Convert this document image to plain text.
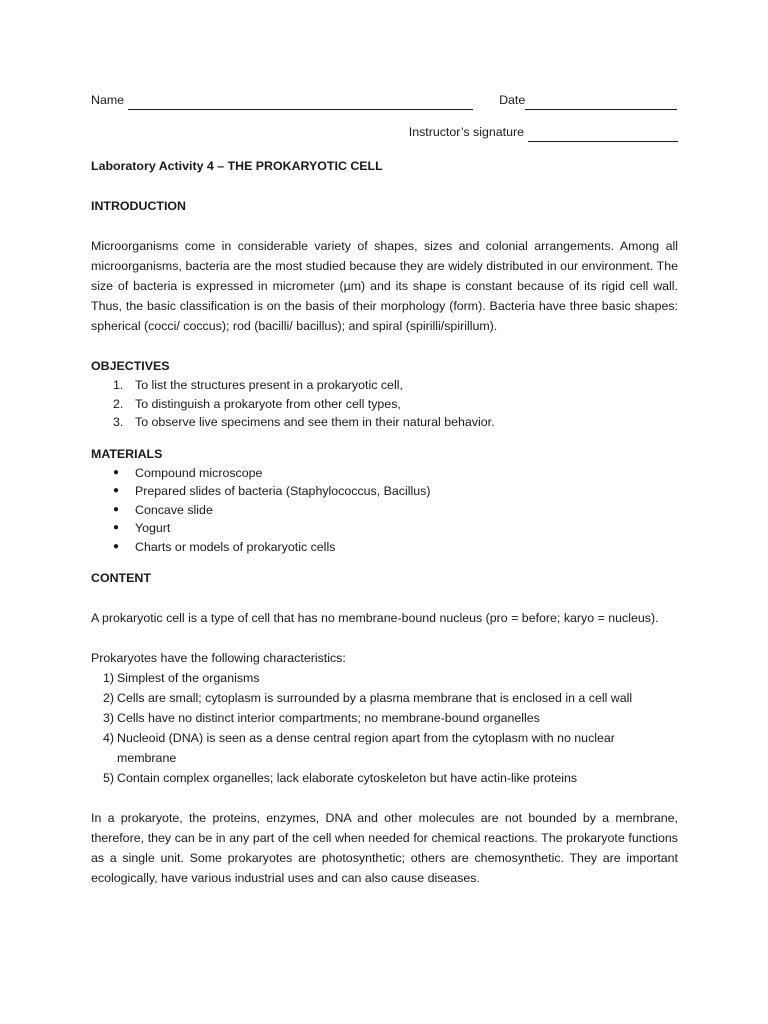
Name	Date
Instructor’s signature

Laboratory Activity 4 – THE PROKARYOTIC CELL

INTRODUCTION

Microorganisms come in considerable variety of shapes, sizes and colonial arrangements. Among all microorganisms, bacteria are the most studied because they are widely distributed in our environment. The size of bacteria is expressed in micrometer (µm) and its shape is constant because of its rigid cell wall. Thus, the basic classification is on the basis of their morphology (form). Bacteria have three basic shapes: spherical (cocci/ coccus); rod (bacilli/ bacillus); and spiral (spirilli/spirillum).

OBJECTIVES

1. To list the structures present in a prokaryotic cell,
2. To distinguish a prokaryote from other cell types,
3. To observe live specimens and see them in their natural behavior.

MATERIALS

● Compound microscope
● Prepared slides of bacteria (Staphylococcus, Bacillus)
● Concave slide
● Yogurt
● Charts or models of prokaryotic cells

CONTENT

A prokaryotic cell is a type of cell that has no membrane-bound nucleus (pro = before; karyo = nucleus).

Prokaryotes have the following characteristics:

1) Simplest of the organisms
2) Cells are small; cytoplasm is surrounded by a plasma membrane that is enclosed in a cell wall
3) Cells have no distinct interior compartments; no membrane-bound organelles
4) Nucleoid (DNA) is seen as a dense central region apart from the cytoplasm with no nuclear membrane
5) Contain complex organelles; lack elaborate cytoskeleton but have actin-like proteins

In a prokaryote, the proteins, enzymes, DNA and other molecules are not bounded by a membrane, therefore, they can be in any part of the cell when needed for chemical reactions. The prokaryote functions as a single unit. Some prokaryotes are photosynthetic; others are chemosynthetic. They are important ecologically, have various industrial uses and can also cause diseases.
